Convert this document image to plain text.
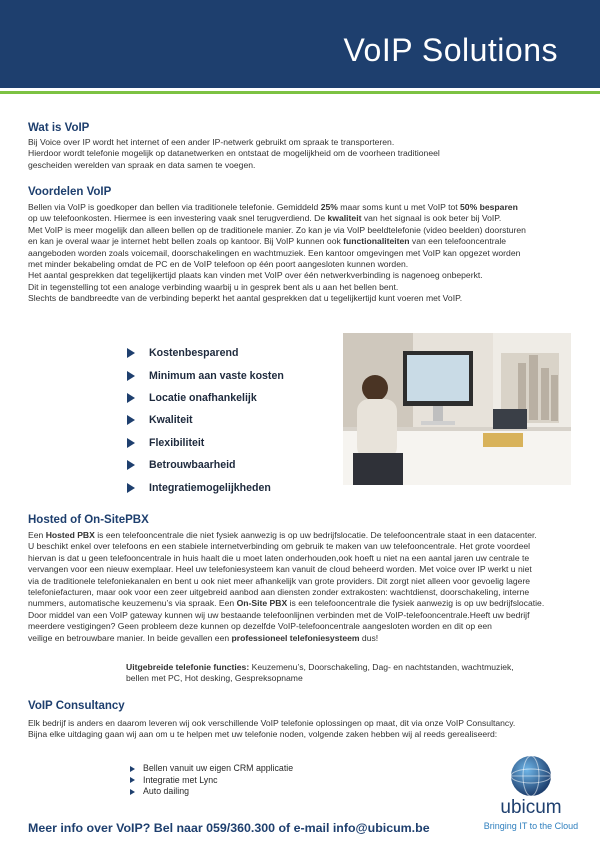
VoIP Solutions
Wat is VoIP

Bij Voice over IP wordt het internet of een ander IP-netwerk gebruikt om spraak te transporteren.

Hierdoor wordt telefonie mogelijk op datanetwerken en ontstaat de mogelijkheid om de voorheen traditioneel

gescheiden werelden van spraak en data samen te voegen.

Voordelen VoIP

Bellen via VoIP is goedkoper dan bellen via traditionele telefonie. Gemiddeld 25% maar soms kunt u met VoIP tot 50% besparen

op uw telefoonkosten. Hiermee is een investering vaak snel terugverdiend. De kwaliteit van het signaal is ook beter bij VoIP.

Met VoIP is meer mogelijk dan alleen bellen op de traditionele manier. Zo kan je via VoIP beeldtelefonie (video beelden) doorsturen

en kan je overal waar je internet hebt bellen zoals op kantoor. Bij VoIP kunnen ook functionaliteiten van een telefooncentrale

aangeboden worden zoals voicemail, doorschakelingen en wachtmuziek. Een kantoor omgevingen met VoIP kan opgezet worden

met minder bekabeling omdat de PC en de VoIP telefoon op één poort aangesloten kunnen worden.

Het aantal gesprekken dat tegelijkertijd plaats kan vinden met VoIP over één netwerkverbinding is nagenoeg onbeperkt.

Dit in tegenstelling tot een analoge verbinding waarbij u in gesprek bent als u aan het bellen bent.

Slechts de bandbreedte van de verbinding beperkt het aantal gesprekken dat u tegelijkertijd kunt voeren met VoIP.

Kostenbesparend
Minimum aan vaste kosten
Locatie onafhankelijk
Kwaliteit
Flexibiliteit
Betrouwbaarheid
Integratiemogelijkheden
Hosted of On-SitePBX

Een Hosted PBX is een telefooncentrale die niet fysiek aanwezig is op uw bedrijfslocatie. De telefooncentrale staat in een datacenter.

U beschikt enkel over telefoons en een stabiele internetverbinding om gebruik te maken van uw telefooncentrale. Het grote voordeel

hiervan is dat u geen telefooncentrale in huis haalt die u moet laten onderhouden,ook hoeft u niet na een aantal jaren uw centrale te

vervangen voor een nieuw exemplaar. Heel uw telefoniesysteem kan vanuit de cloud beheerd worden. Met voice over IP werkt u niet

via de traditionele telefoniekanalen en bent u ook niet meer afhankelijk van grote providers. Dit zorgt niet alleen voor gevoelig lagere

telefoniefacturen, maar ook voor een zeer uitgebreid aanbod aan diensten zonder extrakosten: wachtdienst, doorschakeling, interne

nummers, automatische keuzemenu’s via spraak. Een On-Site PBX is een telefooncentrale die fysiek aanwezig is op uw bedrijfslocatie.

Door middel van een VoIP gateway kunnen wij uw bestaande telefoonlijnen verbinden met de VoIP-telefooncentrale.Heeft uw bedrijf

meerdere vestigingen? Geen probleem deze kunnen op dezelfde VoIP-telefooncentrale aangesloten worden en dit op een

veilige en betrouwbare manier. In beide gevallen een professioneel telefoniesysteem dus!

Uitgebreide telefonie functies: Keuzemenu’s, Doorschakeling, Dag- en nachtstanden, wachtmuziek,

bellen met PC, Hot desking, Gespreksopname

VoIP Consultancy

Elk bedrijf is anders en daarom leveren wij ook verschillende VoIP telefonie oplossingen op maat, dit via onze VoIP Consultancy.

Bijna elke uitdaging gaan wij aan om u te helpen met uw telefonie noden, volgende zaken hebben wij al reeds gerealiseerd:

Bellen vanuit uw eigen CRM applicatie
Integratie met Lync
Auto dailing
Meer info over VoIP? Bel naar 059/360.300 of e-mail info@ubicum.be
ubicum
Bringing IT to the Cloud
